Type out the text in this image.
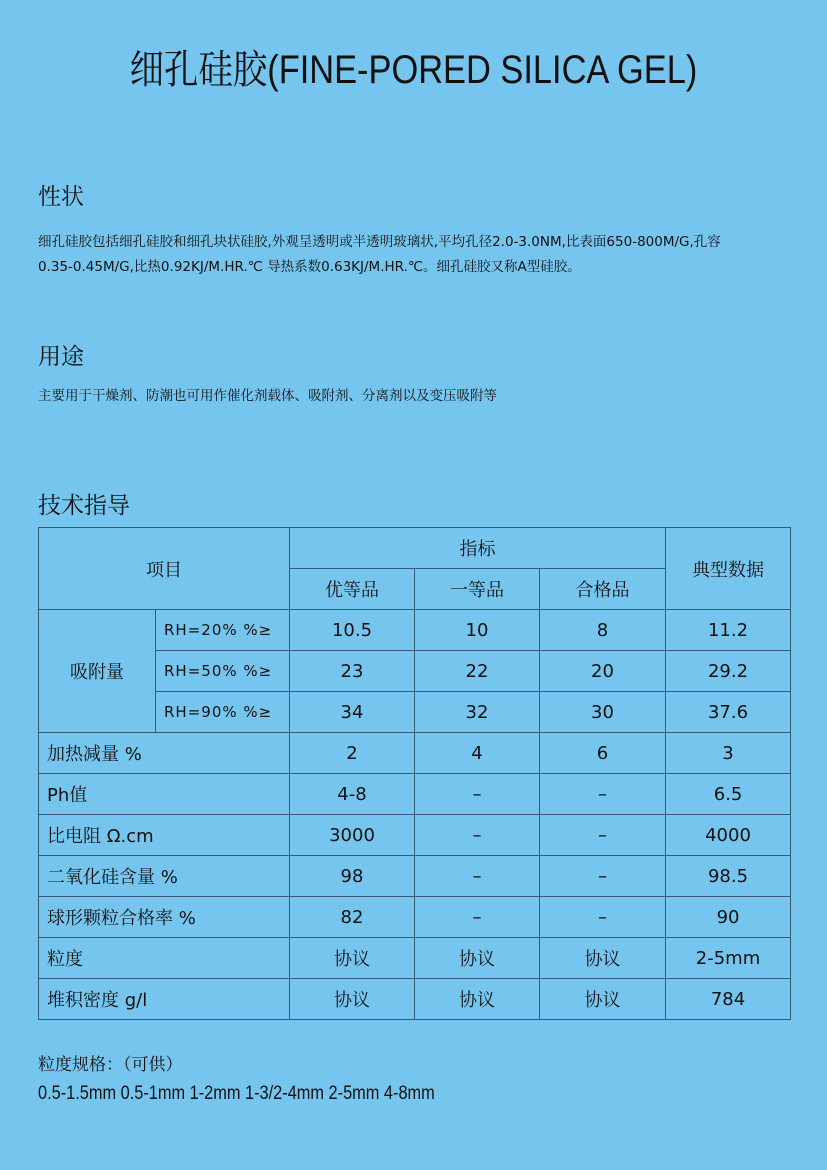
细孔硅胶(FINE-PORED SILICA GEL)
性状
细孔硅胶包括细孔硅胶和细孔块状硅胶,外观呈透明或半透明玻璃状,平均孔径2.0-3.0NM,比表面650-800M/G,孔容
0.35-0.45M/G,比热0.92KJ/M.HR.℃ 导热系数0.63KJ/M.HR.℃。细孔硅胶又称A型硅胶。
用途
主要用于干燥剂、防潮也可用作催化剂载体、吸附剂、分离剂以及变压吸附等
技术指导
项目		指标			典型数据
		优等品	一等品	合格品	
吸附量	RH=20% %≥	10.5	10	8	11.2
	RH=50% %≥	23	22	20	29.2
	RH=90% %≥	34	32	30	37.6
加热减量 %		2	4	6	3
Ph值		4-8	–	–	6.5
比电阻 Ω.cm		3000	–	–	4000
二氧化硅含量 %		98	–	–	98.5
球形颗粒合格率 %		82	–	–	90
粒度		协议	协议	协议	2-5mm
堆积密度 g/l		协议	协议	协议	784
粒度规格：（可供）
0.5-1.5mm 0.5-1mm 1-2mm 1-3/2-4mm 2-5mm 4-8mm
